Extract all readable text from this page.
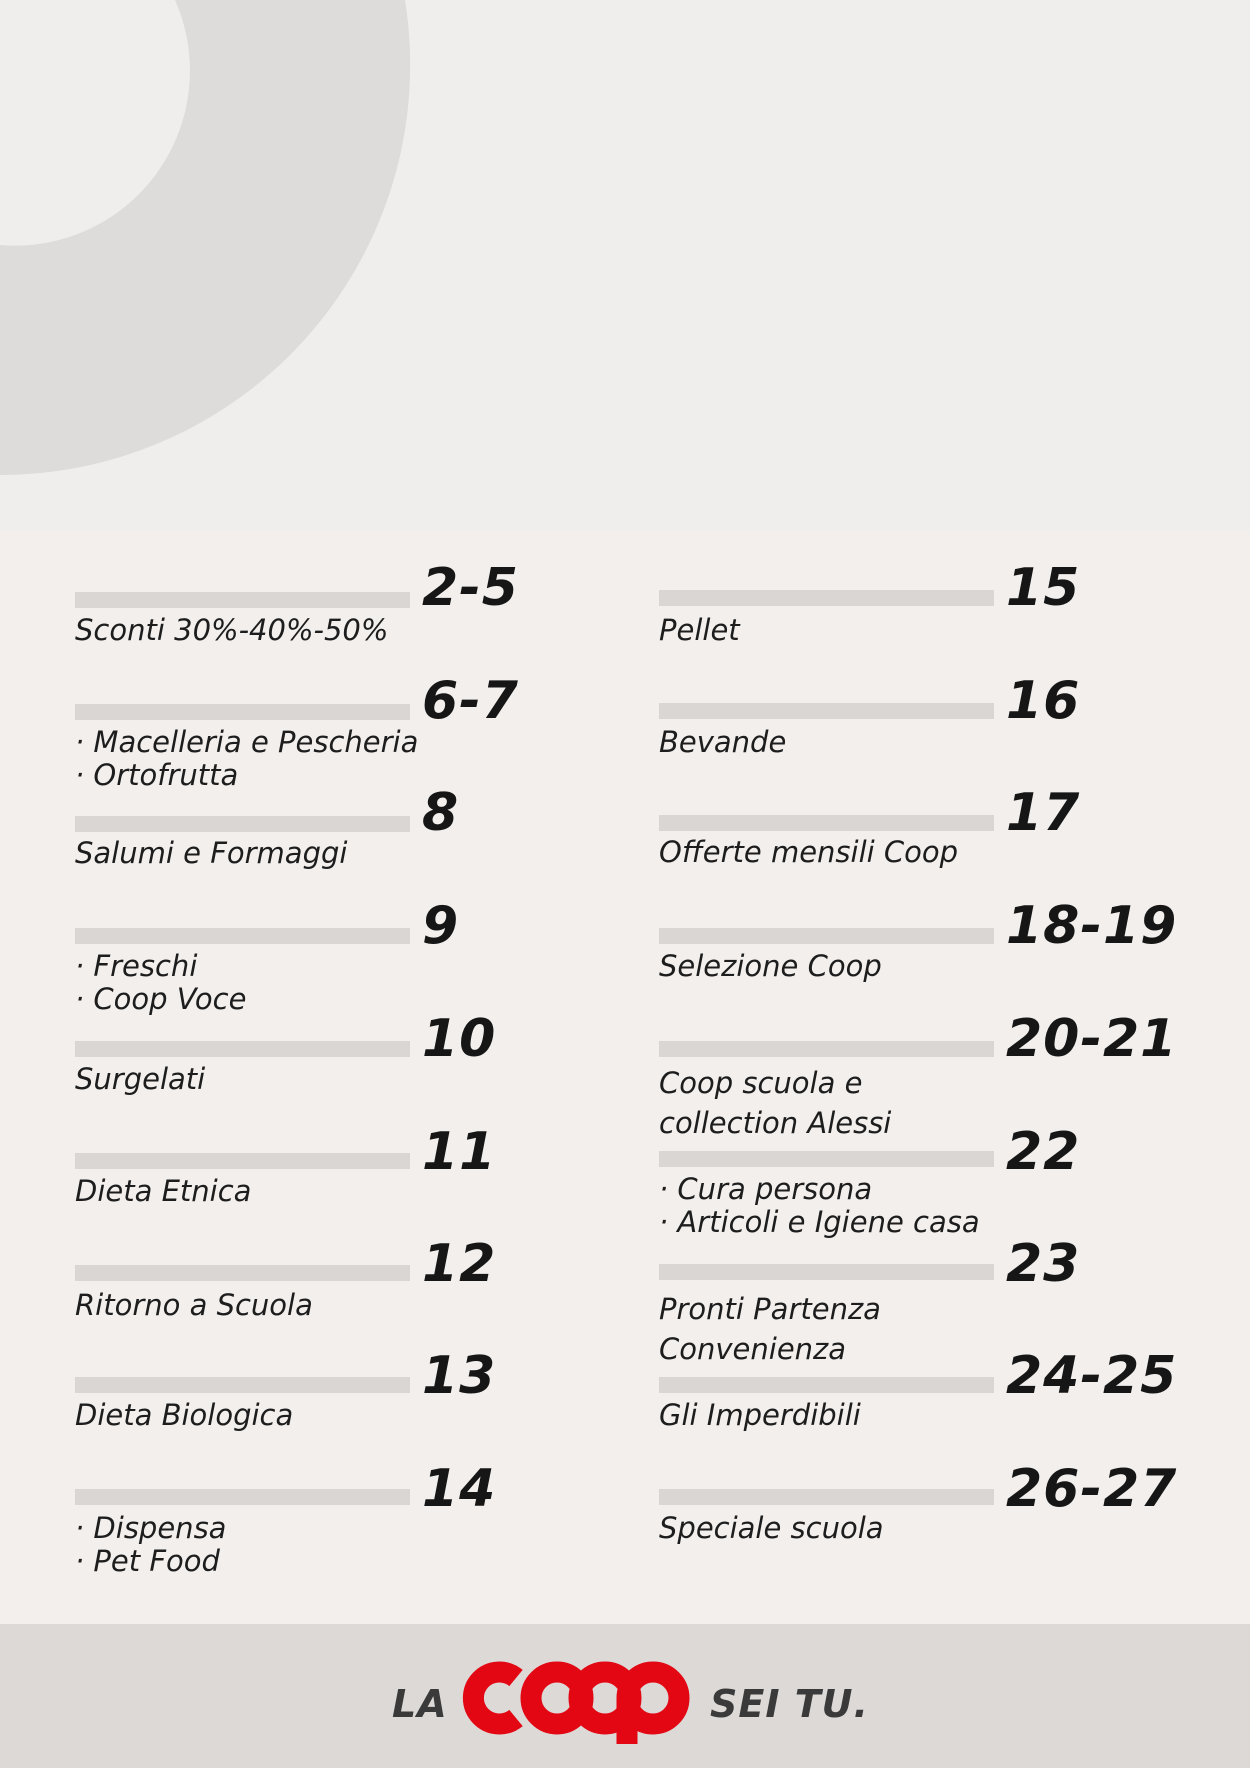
2-5
Sconti 30%-40%-50%
6-7
· Macelleria e Pescheria
· Ortofrutta
8
Salumi e Formaggi
9
· Freschi
· Coop Voce
10
Surgelati
11
Dieta Etnica
12
Ritorno a Scuola
13
Dieta Biologica
14
· Dispensa
· Pet Food
15
Pellet
16
Bevande
17
Offerte mensili Coop
18-19
Selezione Coop
20-21
Coop scuola e
collection Alessi 22
· Cura persona
· Articoli e Igiene casa
23
Pronti Partenza
Convenienza	24-25
Gli Imperdibili
26-27
Speciale scuola
LA
coop
SEI TU.
